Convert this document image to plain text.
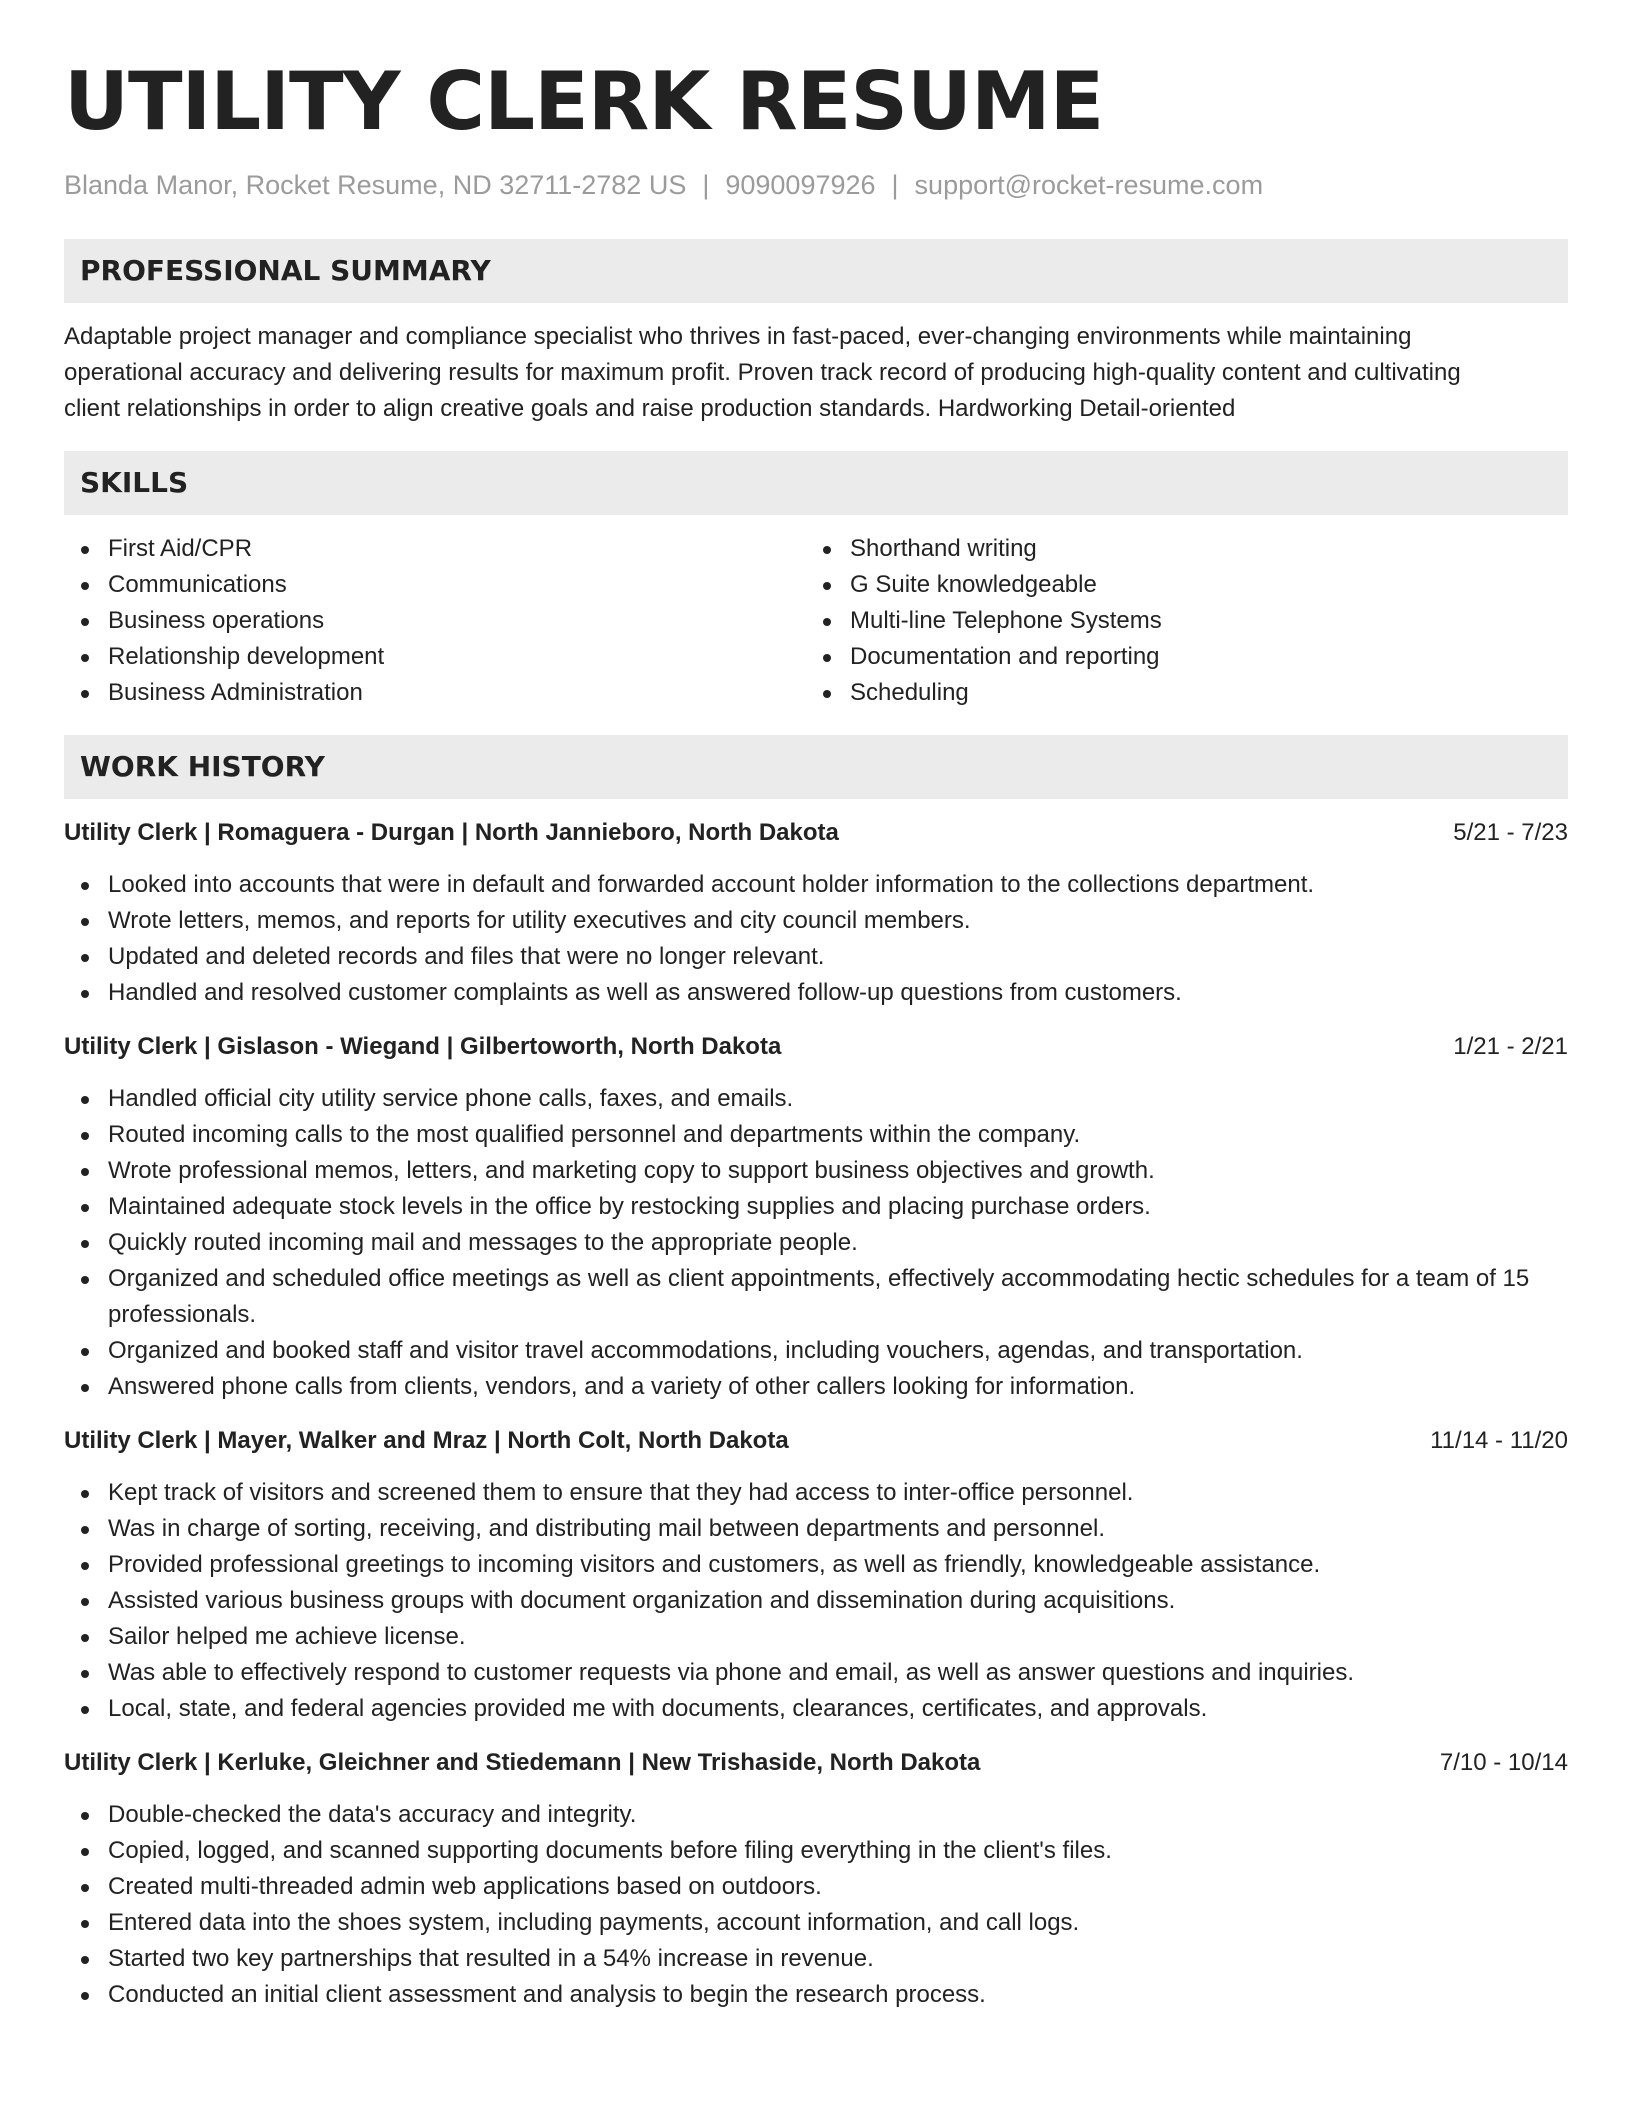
UTILITY CLERK RESUME
Blanda Manor, Rocket Resume, ND 32711-2782 US | 9090097926 | support@rocket-resume.com
PROFESSIONAL SUMMARY
Adaptable project manager and compliance specialist who thrives in fast-paced, ever-changing environments while maintaining
operational accuracy and delivering results for maximum profit. Proven track record of producing high-quality content and cultivating
client relationships in order to align creative goals and raise production standards. Hardworking Detail-oriented
SKILLS
First Aid/CPR
Communications
Business operations
Relationship development
Business Administration
Shorthand writing
G Suite knowledgeable
Multi-line Telephone Systems
Documentation and reporting
Scheduling
WORK HISTORY
Utility Clerk | Romaguera - Durgan | North Jannieboro, North Dakota	5/21 - 7/23
Looked into accounts that were in default and forwarded account holder information to the collections department.
Wrote letters, memos, and reports for utility executives and city council members.
Updated and deleted records and files that were no longer relevant.
Handled and resolved customer complaints as well as answered follow-up questions from customers.
Utility Clerk | Gislason - Wiegand | Gilbertoworth, North Dakota	1/21 - 2/21
Handled official city utility service phone calls, faxes, and emails.
Routed incoming calls to the most qualified personnel and departments within the company.
Wrote professional memos, letters, and marketing copy to support business objectives and growth.
Maintained adequate stock levels in the office by restocking supplies and placing purchase orders.
Quickly routed incoming mail and messages to the appropriate people.
Organized and scheduled office meetings as well as client appointments, effectively accommodating hectic schedules for a team of 15 professionals.
Organized and booked staff and visitor travel accommodations, including vouchers, agendas, and transportation.
Answered phone calls from clients, vendors, and a variety of other callers looking for information.
Utility Clerk | Mayer, Walker and Mraz | North Colt, North Dakota	11/14 - 11/20
Kept track of visitors and screened them to ensure that they had access to inter-office personnel.
Was in charge of sorting, receiving, and distributing mail between departments and personnel.
Provided professional greetings to incoming visitors and customers, as well as friendly, knowledgeable assistance.
Assisted various business groups with document organization and dissemination during acquisitions.
Sailor helped me achieve license.
Was able to effectively respond to customer requests via phone and email, as well as answer questions and inquiries.
Local, state, and federal agencies provided me with documents, clearances, certificates, and approvals.
Utility Clerk | Kerluke, Gleichner and Stiedemann | New Trishaside, North Dakota	7/10 - 10/14
Double-checked the data's accuracy and integrity.
Copied, logged, and scanned supporting documents before filing everything in the client's files.
Created multi-threaded admin web applications based on outdoors.
Entered data into the shoes system, including payments, account information, and call logs.
Started two key partnerships that resulted in a 54% increase in revenue.
Conducted an initial client assessment and analysis to begin the research process.
